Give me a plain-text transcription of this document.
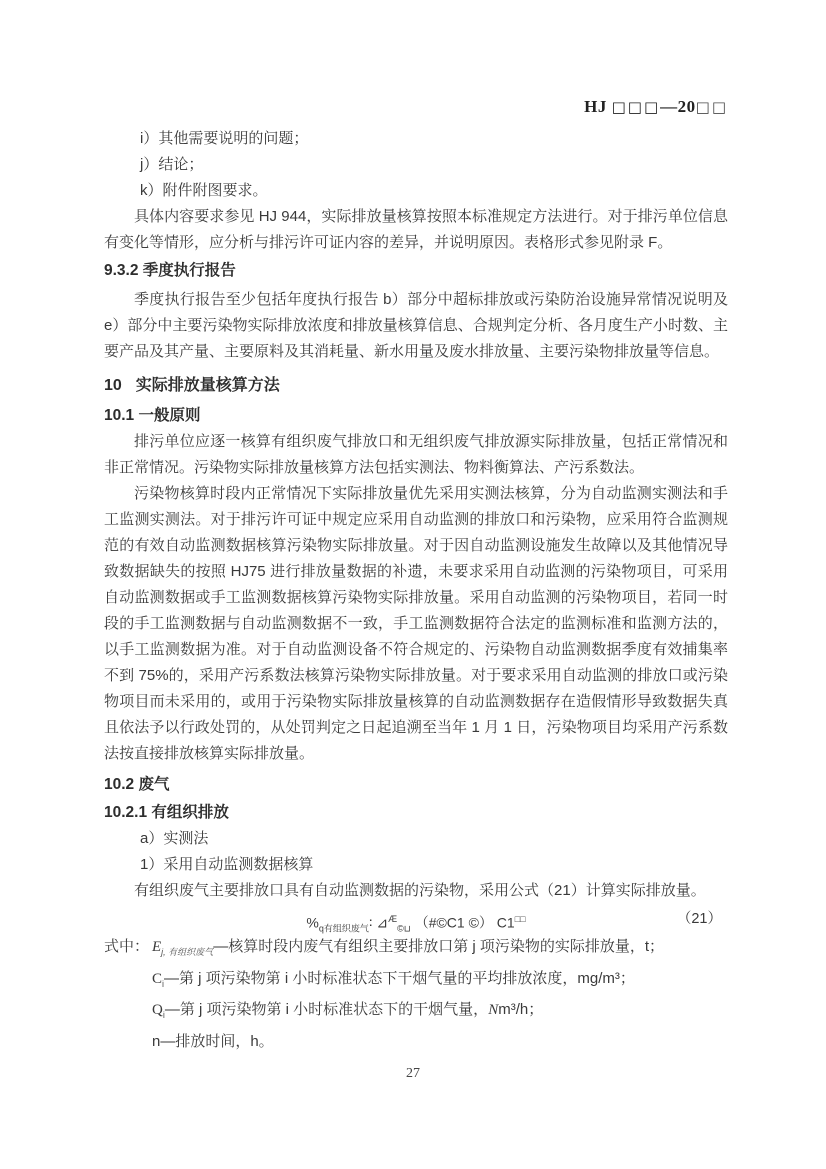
HJ □□□—20□□

i）其他需要说明的问题；

j）结论；

k）附件附图要求。

具体内容要求参见 HJ 944，实际排放量核算按照本标准规定方法进行。对于排污单位信息有变化等情形，应分析与排污许可证内容的差异，并说明原因。表格形式参见附录 F。

9.3.2 季度执行报告

季度执行报告至少包括年度执行报告 b）部分中超标排放或污染防治设施异常情况说明及 e）部分中主要污染物实际排放浓度和排放量核算信息、合规判定分析、各月度生产小时数、主要产品及其产量、主要原料及其消耗量、新水用量及废水排放量、主要污染物排放量等信息。

10 实际排放量核算方法
10.1 一般原则

排污单位应逐一核算有组织废气排放口和无组织废气排放源实际排放量，包括正常情况和非正常情况。污染物实际排放量核算方法包括实测法、物料衡算法、产污系数法。

污染物核算时段内正常情况下实际排放量优先采用实测法核算，分为自动监测实测法和手工监测实测法。对于排污许可证中规定应采用自动监测的排放口和污染物，应采用符合监测规范的有效自动监测数据核算污染物实际排放量。对于因自动监测设施发生故障以及其他情况导致数据缺失的按照 HJ75 进行排放量数据的补遗，未要求采用自动监测的污染物项目，可采用自动监测数据或手工监测数据核算污染物实际排放量。采用自动监测的污染物项目，若同一时段的手工监测数据与自动监测数据不一致，手工监测数据符合法定的监测标准和监测方法的，以手工监测数据为准。对于自动监测设备不符合规定的、污染物自动监测数据季度有效捕集率不到 75%的，采用产污系数法核算污染物实际排放量。对于要求采用自动监测的排放口或污染物项目而未采用的，或用于污染物实际排放量核算的自动监测数据存在造假情形导致数据失真且依法予以行政处罚的，从处罚判定之日起追溯至当年 1 月 1 日，污染物项目均采用产污系数法按直接排放核算实际排放量。

10.2 废气
10.2.1 有组织排放

a）实测法

1）采用自动监测数据核算

有组织废气主要排放口具有自动监测数据的污染物，采用公式（21）计算实际排放量。

$\%_{q有组织废气}∶$ ⊿$^Æ_{©⊔}$ （#©C1 ©） C1□□	（21）
式中： $E_{j, 有组织废气}—$核算时段内废气有组织主要排放口第 j 项污染物的实际排放量，t；
$C_i—$第 j 项污染物第 i 小时标准状态下干烟气量的平均排放浓度，mg/m³；
$Q_i—$第 j 项污染物第 i 小时标准状态下的干烟气量，Nm³/h；
n—排放时间，h。
27
